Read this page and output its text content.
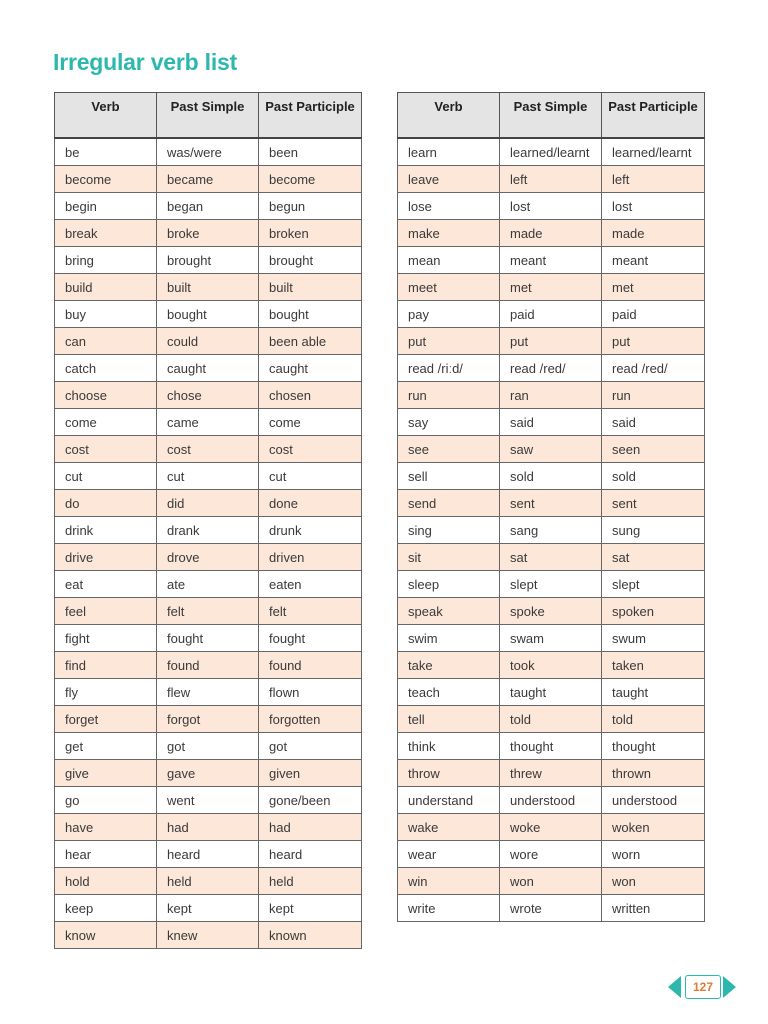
Irregular verb list
Verb	Past Simple	Past Participle
be	was/were	been
become	became	become
begin	began	begun
break	broke	broken
bring	brought	brought
build	built	built
buy	bought	bought
can	could	been able
catch	caught	caught
choose	chose	chosen
come	came	come
cost	cost	cost
cut	cut	cut
do	did	done
drink	drank	drunk
drive	drove	driven
eat	ate	eaten
feel	felt	felt
fight	fought	fought
find	found	found
fly	flew	flown
forget	forgot	forgotten
get	got	got
give	gave	given
go	went	gone/been
have	had	had
hear	heard	heard
hold	held	held
keep	kept	kept
know	knew	known
Verb	Past Simple	Past Participle
learn	learned/learnt	learned/learnt
leave	left	left
lose	lost	lost
make	made	made
mean	meant	meant
meet	met	met
pay	paid	paid
put	put	put
read /riːd/	read /red/	read /red/
run	ran	run
say	said	said
see	saw	seen
sell	sold	sold
send	sent	sent
sing	sang	sung
sit	sat	sat
sleep	slept	slept
speak	spoke	spoken
swim	swam	swum
take	took	taken
teach	taught	taught
tell	told	told
think	thought	thought
throw	threw	thrown
understand	understood	understood
wake	woke	woken
wear	wore	worn
win	won	won
write	wrote	written
127
